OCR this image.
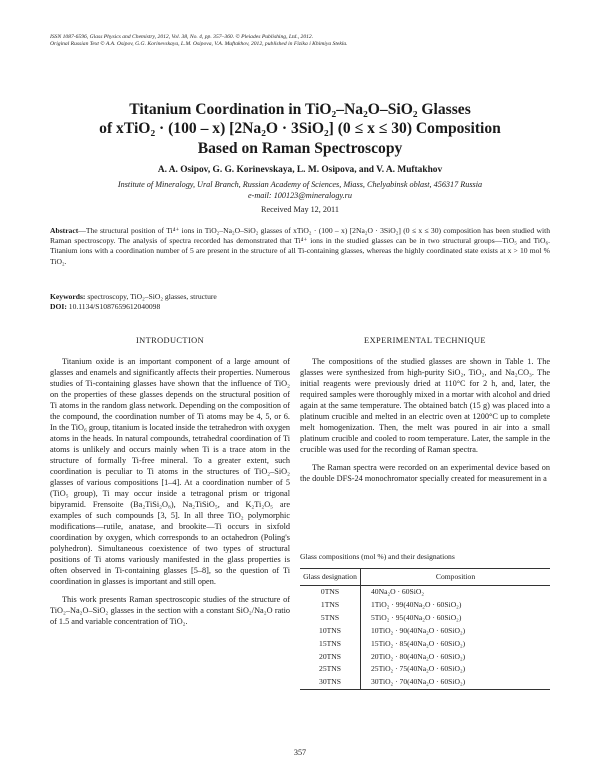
ISSN 1087-6596, Glass Physics and Chemistry, 2012, Vol. 38, No. 4, pp. 357–360. © Pleiades Publishing, Ltd., 2012.
Original Russian Text © A.A. Osipov, G.G. Korinevskaya, L.M. Osipova, V.A. Muftakhov, 2012, published in Fizika i Khimiya Stekla.
Titanium Coordination in TiO₂–Na₂O–SiO₂ Glasses
of xTiO₂ · (100 – x) [2Na₂O · 3SiO₂] (0 ≤ x ≤ 30) Composition
Based on Raman Spectroscopy
A. A. Osipov, G. G. Korinevskaya, L. M. Osipova, and V. A. Muftakhov
Institute of Mineralogy, Ural Branch, Russian Academy of Sciences, Miass, Chelyabinsk oblast, 456317 Russia
e-mail: 100123@mineralogy.ru
Received May 12, 2011
Abstract—The structural position of Ti⁴⁺ ions in TiO₂–Na₂O–SiO₂ glasses of xTiO₂ · (100 – x) [2Na₂O · 3SiO₂] (0 ≤ x ≤ 30) composition has been studied with Raman spectroscopy. The analysis of spectra recorded has demonstrated that Ti⁴⁺ ions in the studied glasses can be in two structural groups—TiO₅ and TiO₆. Titanium ions with a coordination number of 5 are present in the structure of all Ti-containing glasses, whereas the highly coordinated state exists at x > 10 mol % TiO₂.
Keywords: spectroscopy, TiO₂–SiO₂ glasses, structure
DOI: 10.1134/S1087659612040098
INTRODUCTION

Titanium oxide is an important component of a large amount of glasses and enamels and significantly affects their properties. Numerous studies of Ti-containing glasses have shown that the influence of TiO₂ on the properties of these glasses depends on the structural position of Ti atoms in the random glass network. Depending on the composition of the compound, the coordination number of Ti atoms may be 4, 5, or 6. In the TiO₆ group, titanium is located inside the tetrahedron with oxygen atoms in the heads. In natural compounds, tetrahedral coordination of Ti atoms is unlikely and occurs mainly when Ti is a trace atom in the structure of formally Ti-free mineral. To a greater extent, such coordination is peculiar to Ti atoms in the structures of TiO₂–SiO₂ glasses of various compositions [1–4]. At a coordination number of 5 (TiO₅ group), Ti may occur inside a tetragonal prism or trigonal bipyramid. Frensoite (Ba₂TiSi₂O₈), Na₂TiSiO₅, and K₂Ti₂O₅ are examples of such compounds [3, 5]. In all three TiO₂ polymorphic modifications—rutile, anatase, and brookite—Ti occurs in sixfold coordination by oxygen, which corresponds to an octahedron (Poling's polyhedron). Simultaneous coexistence of two types of structural positions of Ti atoms variously manifested in the glass properties is often observed in Ti-containing glasses [5–8], so the question of Ti coordination in glasses is important and still open.

This work presents Raman spectroscopic studies of the structure of TiO₂–Na₂O–SiO₂ glasses in the section with a constant SiO₂/Na₂O ratio of 1.5 and variable concentration of TiO₂.

EXPERIMENTAL TECHNIQUE

The compositions of the studied glasses are shown in Table 1. The glasses were synthesized from high-purity SiO₂, TiO₂, and Na₂CO₃. The initial reagents were previously dried at 110°C for 2 h, and, later, the required samples were thoroughly mixed in a mortar with alcohol and dried again at the same temperature. The obtained batch (15 g) was placed into a platinum crucible and melted in an electric oven at 1200°C up to complete melt homogenization. Then, the melt was poured in air into a small platinum crucible and cooled to room temperature. Later, the sample in the crucible was used for the recording of Raman spectra.

The Raman spectra were recorded on an experimental device based on the double DFS-24 monochromator specially created for measurement in a

Glass compositions (mol %) and their designations
Glass designation	Composition
0TNS	40Na₂O · 60SiO₂
1TNS	1TiO₂ · 99(40Na₂O · 60SiO₂)
5TNS	5TiO₂ · 95(40Na₂O · 60SiO₂)
10TNS	10TiO₂ · 90(40Na₂O · 60SiO₂)
15TNS	15TiO₂ · 85(40Na₂O · 60SiO₂)
20TNS	20TiO₂ · 80(40Na₂O · 60SiO₂)
25TNS	25TiO₂ · 75(40Na₂O · 60SiO₂)
30TNS	30TiO₂ · 70(40Na₂O · 60SiO₂)
357
